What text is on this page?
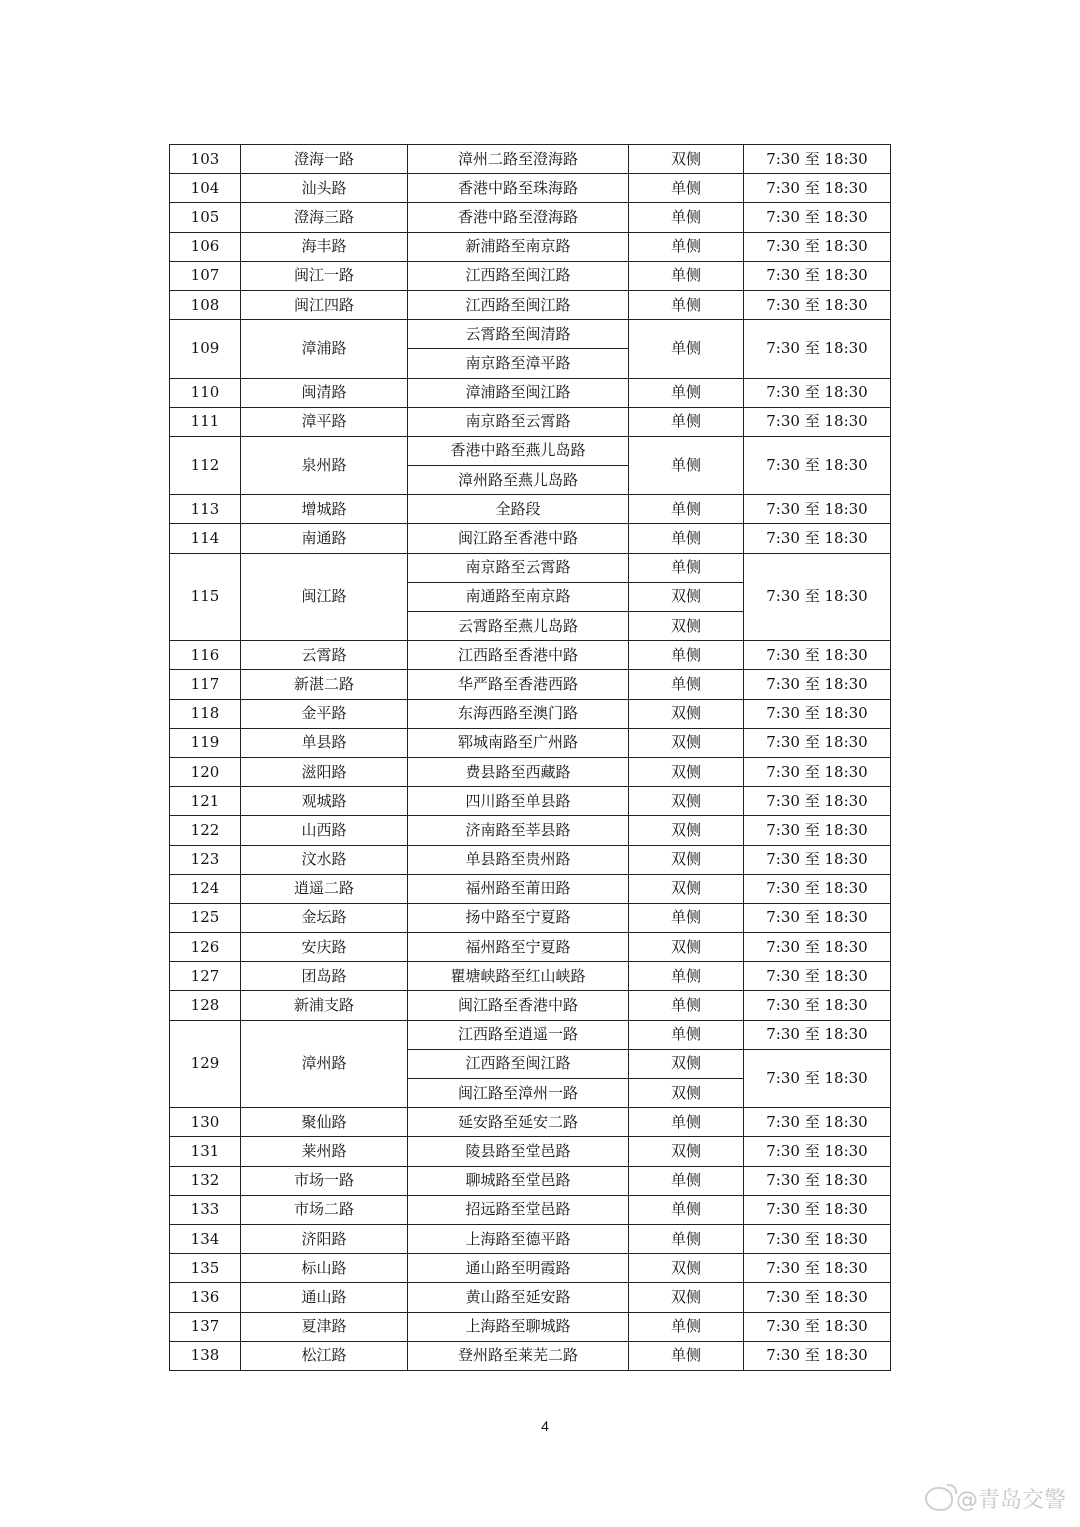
103	澄海一路	漳州二路至澄海路	双侧	7:30 至 18:30
104	汕头路	香港中路至珠海路	单侧	7:30 至 18:30
105	澄海三路	香港中路至澄海路	单侧	7:30 至 18:30
106	海丰路	新浦路至南京路	单侧	7:30 至 18:30
107	闽江一路	江西路至闽江路	单侧	7:30 至 18:30
108	闽江四路	江西路至闽江路	单侧	7:30 至 18:30
109	漳浦路	云霄路至闽清路	单侧	7:30 至 18:30
		南京路至漳平路		
110	闽清路	漳浦路至闽江路	单侧	7:30 至 18:30
111	漳平路	南京路至云霄路	单侧	7:30 至 18:30
112	泉州路	香港中路至燕儿岛路	单侧	7:30 至 18:30
		漳州路至燕儿岛路		
113	增城路	全路段	单侧	7:30 至 18:30
114	南通路	闽江路至香港中路	单侧	7:30 至 18:30
115	闽江路	南京路至云霄路	单侧	7:30 至 18:30
		南通路至南京路	双侧	
		云霄路至燕儿岛路	双侧	
116	云霄路	江西路至香港中路	单侧	7:30 至 18:30
117	新湛二路	华严路至香港西路	单侧	7:30 至 18:30
118	金平路	东海西路至澳门路	双侧	7:30 至 18:30
119	单县路	郓城南路至广州路	双侧	7:30 至 18:30
120	滋阳路	费县路至西藏路	双侧	7:30 至 18:30
121	观城路	四川路至单县路	双侧	7:30 至 18:30
122	山西路	济南路至莘县路	双侧	7:30 至 18:30
123	汶水路	单县路至贵州路	双侧	7:30 至 18:30
124	逍遥二路	福州路至莆田路	双侧	7:30 至 18:30
125	金坛路	扬中路至宁夏路	单侧	7:30 至 18:30
126	安庆路	福州路至宁夏路	双侧	7:30 至 18:30
127	团岛路	瞿塘峡路至红山峡路	单侧	7:30 至 18:30
128	新浦支路	闽江路至香港中路	单侧	7:30 至 18:30
129	漳州路	江西路至逍遥一路	单侧	7:30 至 18:30
		江西路至闽江路	双侧	7:30 至 18:30
		闽江路至漳州一路	双侧	
130	聚仙路	延安路至延安二路	单侧	7:30 至 18:30
131	莱州路	陵县路至堂邑路	双侧	7:30 至 18:30
132	市场一路	聊城路至堂邑路	单侧	7:30 至 18:30
133	市场二路	招远路至堂邑路	单侧	7:30 至 18:30
134	济阳路	上海路至德平路	单侧	7:30 至 18:30
135	标山路	通山路至明霞路	双侧	7:30 至 18:30
136	通山路	黄山路至延安路	双侧	7:30 至 18:30
137	夏津路	上海路至聊城路	单侧	7:30 至 18:30
138	松江路	登州路至莱芜二路	单侧	7:30 至 18:30
4
@青岛交警
